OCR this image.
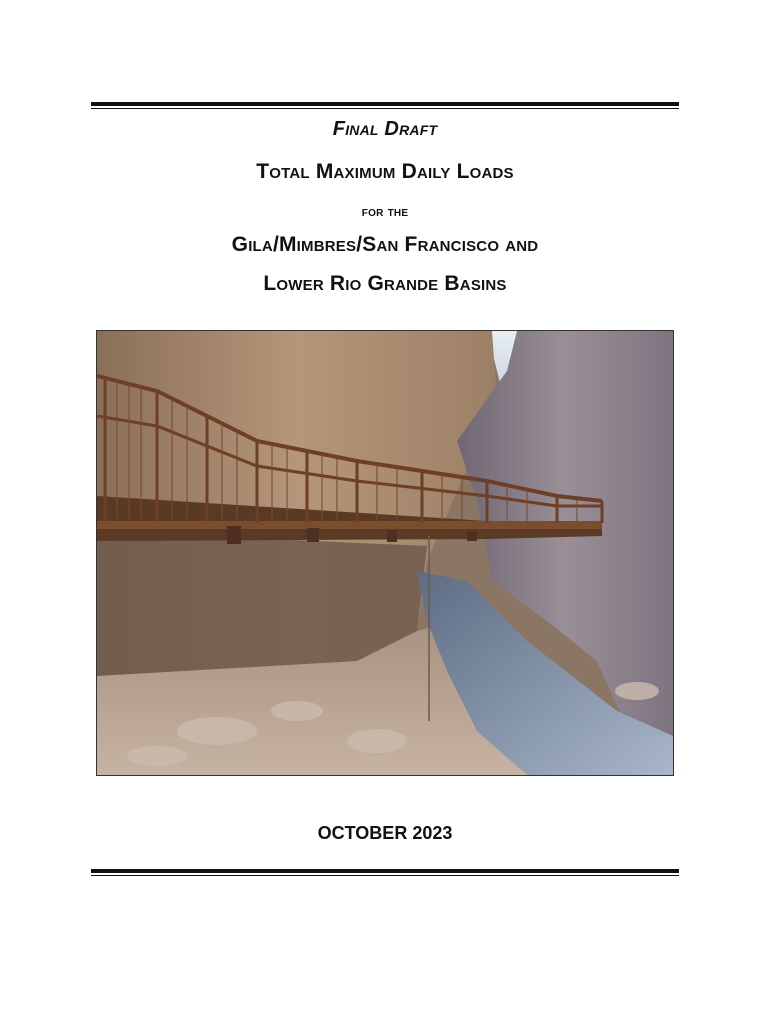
Final Draft
Total Maximum Daily Loads
for the
Gila/Mimbres/San Francisco and
Lower Rio Grande Basins
OCTOBER 2023
